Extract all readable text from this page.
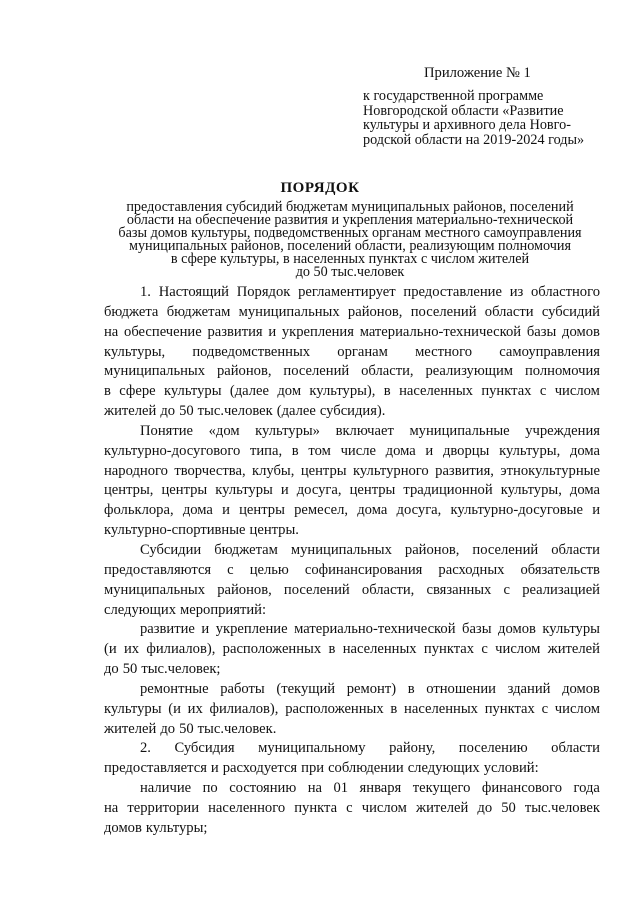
Приложение № 1
к государственной программе
Новгородской области «Развитие
культуры и архивного дела Новго-
родской области на 2019-2024 годы»
ПОРЯДОК
предоставления субсидий бюджетам муниципальных районов, поселений
области на обеспечение развития и укрепления материально-технической
базы домов культуры, подведомственных органам местного самоуправления
муниципальных районов, поселений области, реализующим полномочия
в сфере культуры, в населенных пунктах с числом жителей
до 50 тыс.человек
1. Настоящий Порядок регламентирует предоставление из областного
бюджета бюджетам муниципальных районов, поселений области субсидий
на обеспечение развития и укрепления материально-технической базы домов
культуры, подведомственных органам местного самоуправления
муниципальных районов, поселений области, реализующим полномочия
в сфере культуры (далее дом культуры), в населенных пунктах с числом
жителей до 50 тыс.человек (далее субсидия).
Понятие «дом культуры» включает муниципальные учреждения
культурно-досугового типа, в том числе дома и дворцы культуры, дома
народного творчества, клубы, центры культурного развития, этнокультурные
центры, центры культуры и досуга, центры традиционной культуры, дома
фольклора, дома и центры ремесел, дома досуга, культурно-досуговые и
культурно-спортивные центры.
Субсидии бюджетам муниципальных районов, поселений области
предоставляются с целью софинансирования расходных обязательств
муниципальных районов, поселений области, связанных с реализацией
следующих мероприятий:
развитие и укрепление материально-технической базы домов культуры
(и их филиалов), расположенных в населенных пунктах с числом жителей
до 50 тыс.человек;
ремонтные работы (текущий ремонт) в отношении зданий домов
культуры (и их филиалов), расположенных в населенных пунктах с числом
жителей до 50 тыс.человек.
2. Субсидия муниципальному району, поселению области
предоставляется и расходуется при соблюдении следующих условий:
наличие по состоянию на 01 января текущего финансового года
на территории населенного пункта с числом жителей до 50 тыс.человек
домов культуры;
